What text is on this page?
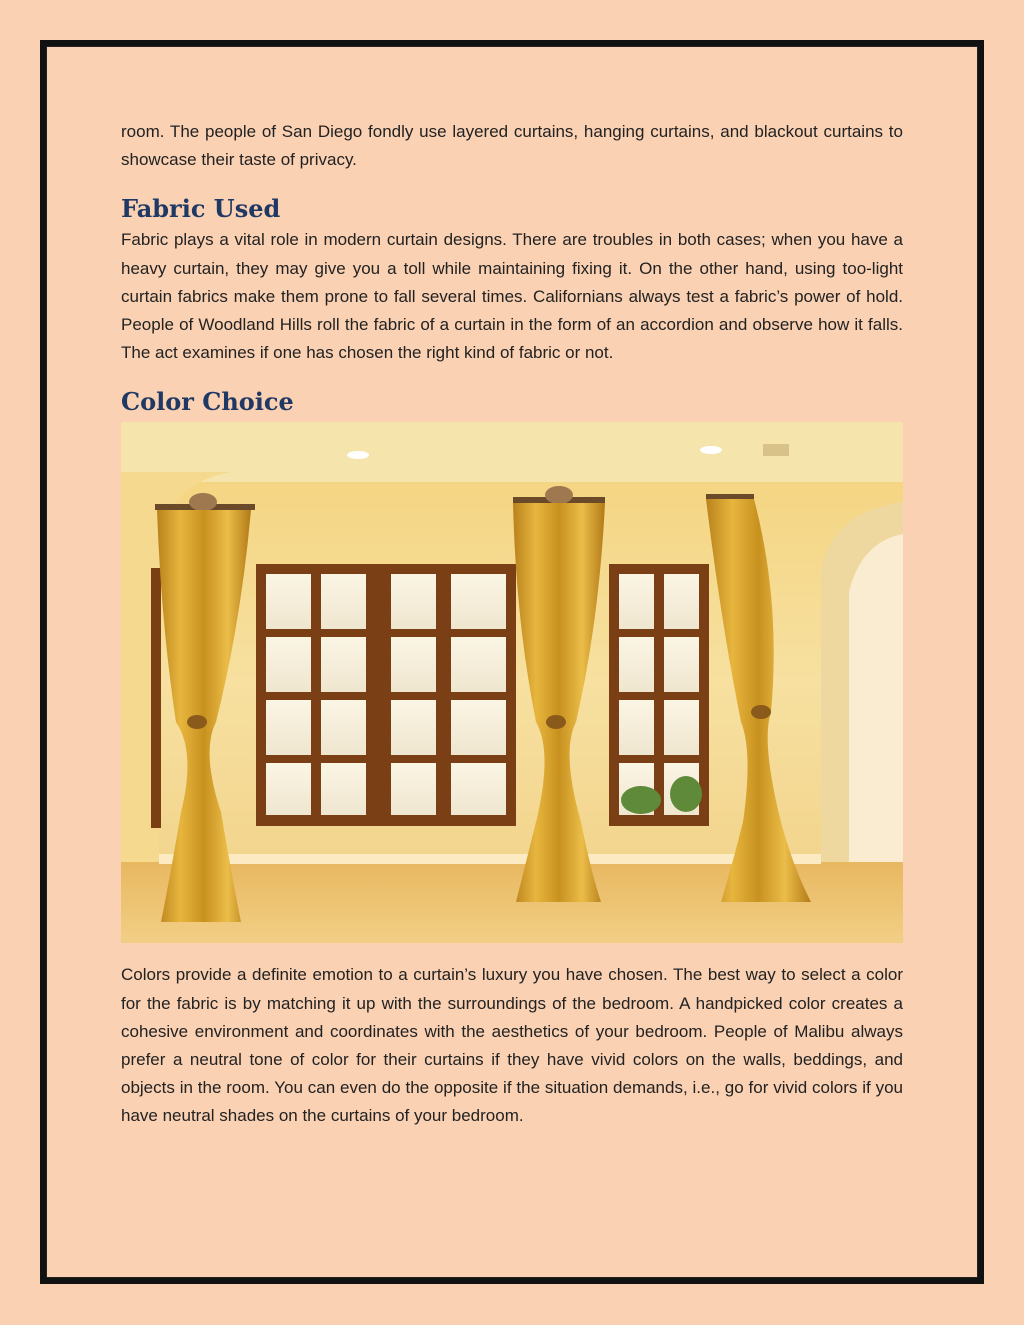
room. The people of San Diego fondly use layered curtains, hanging curtains, and blackout curtains to showcase their taste of privacy.

Fabric Used

Fabric plays a vital role in modern curtain designs. There are troubles in both cases; when you have a heavy curtain, they may give you a toll while maintaining fixing it. On the other hand, using too-light curtain fabrics make them prone to fall several times. Californians always test a fabric’s power of hold. People of Woodland Hills roll the fabric of a curtain in the form of an accordion and observe how it falls. The act examines if one has chosen the right kind of fabric or not.

Color Choice

Colors provide a definite emotion to a curtain’s luxury you have chosen. The best way to select a color for the fabric is by matching it up with the surroundings of the bedroom. A handpicked color creates a cohesive environment and coordinates with the aesthetics of your bedroom. People of Malibu always prefer a neutral tone of color for their curtains if they have vivid colors on the walls, beddings, and objects in the room. You can even do the opposite if the situation demands, i.e., go for vivid colors if you have neutral shades on the curtains of your bedroom.
